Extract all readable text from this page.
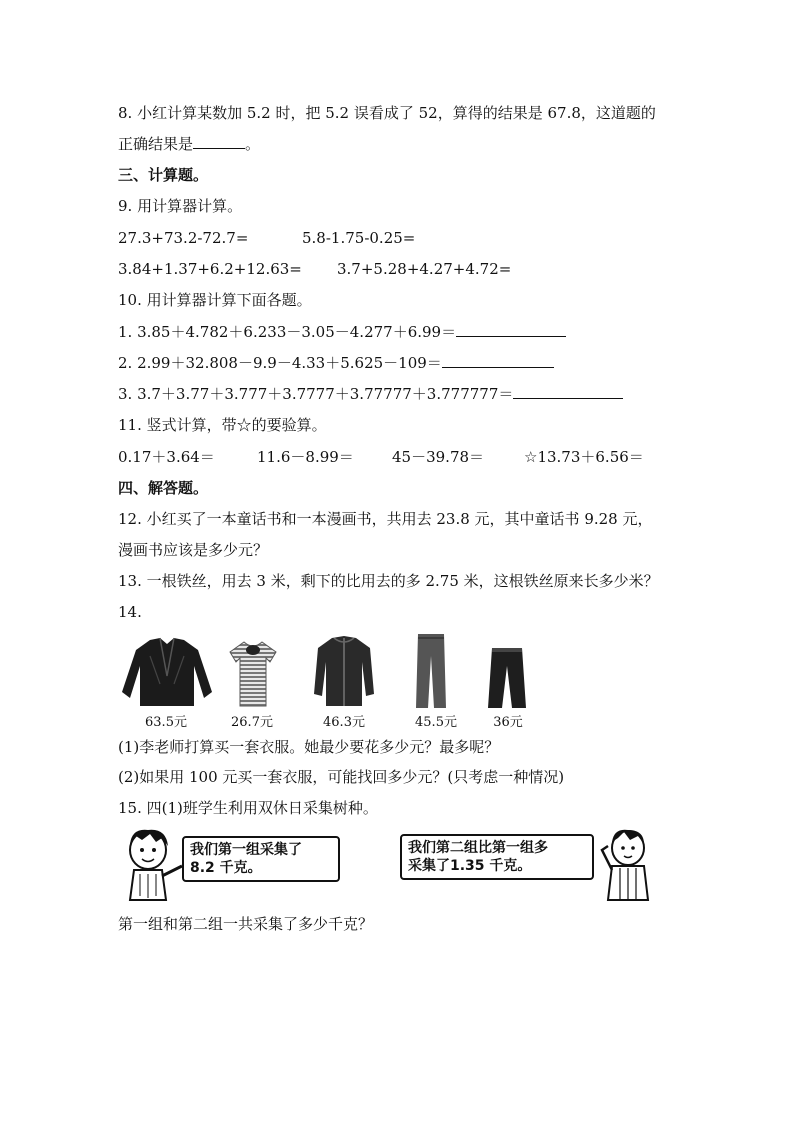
8. 小红计算某数加 5.2 时，把 5.2 误看成了 52，算得的结果是 67.8，这道题的
正确结果是	。
三、计算题。
9. 用计算器计算。
27.3+73.2-72.7=	5.8-1.75-0.25=
3.84+1.37+6.2+12.63= 3.7+5.28+4.27+4.72=
10. 用计算器计算下面各题。
1. 3.85＋4.782＋6.233－3.05－4.277＋6.99＝
2. 2.99＋32.808－9.9－4.33＋5.625－109＝
3. 3.7＋3.77＋3.777＋3.7777＋3.77777＋3.777777＝
11. 竖式计算，带☆的要验算。
0.17＋3.64＝	11.6－8.99＝	45－39.78＝	☆13.73＋6.56＝
四、解答题。
12. 小红买了一本童话书和一本漫画书，共用去 23.8 元，其中童话书 9.28 元，
漫画书应该是多少元？
13. 一根铁丝，用去 3 米，剩下的比用去的多 2.75 米，这根铁丝原来长多少米？
14.
63.5元	26.7元	46.3元	45.5元	36元
(1)李老师打算买一套衣服。她最少要花多少元？最多呢？
(2)如果用 100 元买一套衣服，可能找回多少元？(只考虑一种情况)
15. 四(1)班学生利用双休日采集树种。
我们第一组采集了
8.2 千克。
我们第二组比第一组多
采集了1.35 千克。
第一组和第二组一共采集了多少千克？
